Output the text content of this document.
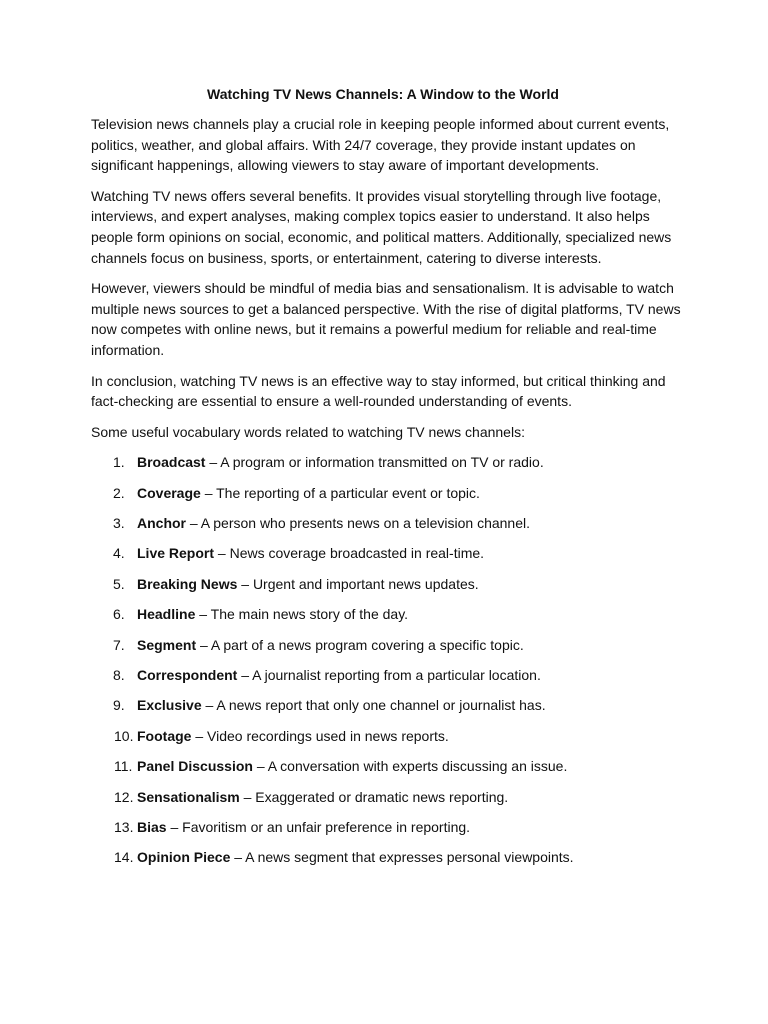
Watching TV News Channels: A Window to the World

Television news channels play a crucial role in keeping people informed about current events, politics, weather, and global affairs. With 24/7 coverage, they provide instant updates on significant happenings, allowing viewers to stay aware of important developments.

Watching TV news offers several benefits. It provides visual storytelling through live footage, interviews, and expert analyses, making complex topics easier to understand. It also helps people form opinions on social, economic, and political matters. Additionally, specialized news channels focus on business, sports, or entertainment, catering to diverse interests.

However, viewers should be mindful of media bias and sensationalism. It is advisable to watch multiple news sources to get a balanced perspective. With the rise of digital platforms, TV news now competes with online news, but it remains a powerful medium for reliable and real-time information.

In conclusion, watching TV news is an effective way to stay informed, but critical thinking and fact-checking are essential to ensure a well-rounded understanding of events.

Some useful vocabulary words related to watching TV news channels:

1. Broadcast – A program or information transmitted on TV or radio.
2. Coverage – The reporting of a particular event or topic.
3. Anchor – A person who presents news on a television channel.
4. Live Report – News coverage broadcasted in real-time.
5. Breaking News – Urgent and important news updates.
6. Headline – The main news story of the day.
7. Segment – A part of a news program covering a specific topic.
8. Correspondent – A journalist reporting from a particular location.
9. Exclusive – A news report that only one channel or journalist has.
10. Footage – Video recordings used in news reports.
11. Panel Discussion – A conversation with experts discussing an issue.
12. Sensationalism – Exaggerated or dramatic news reporting.
13. Bias – Favoritism or an unfair preference in reporting.
14. Opinion Piece – A news segment that expresses personal viewpoints.
